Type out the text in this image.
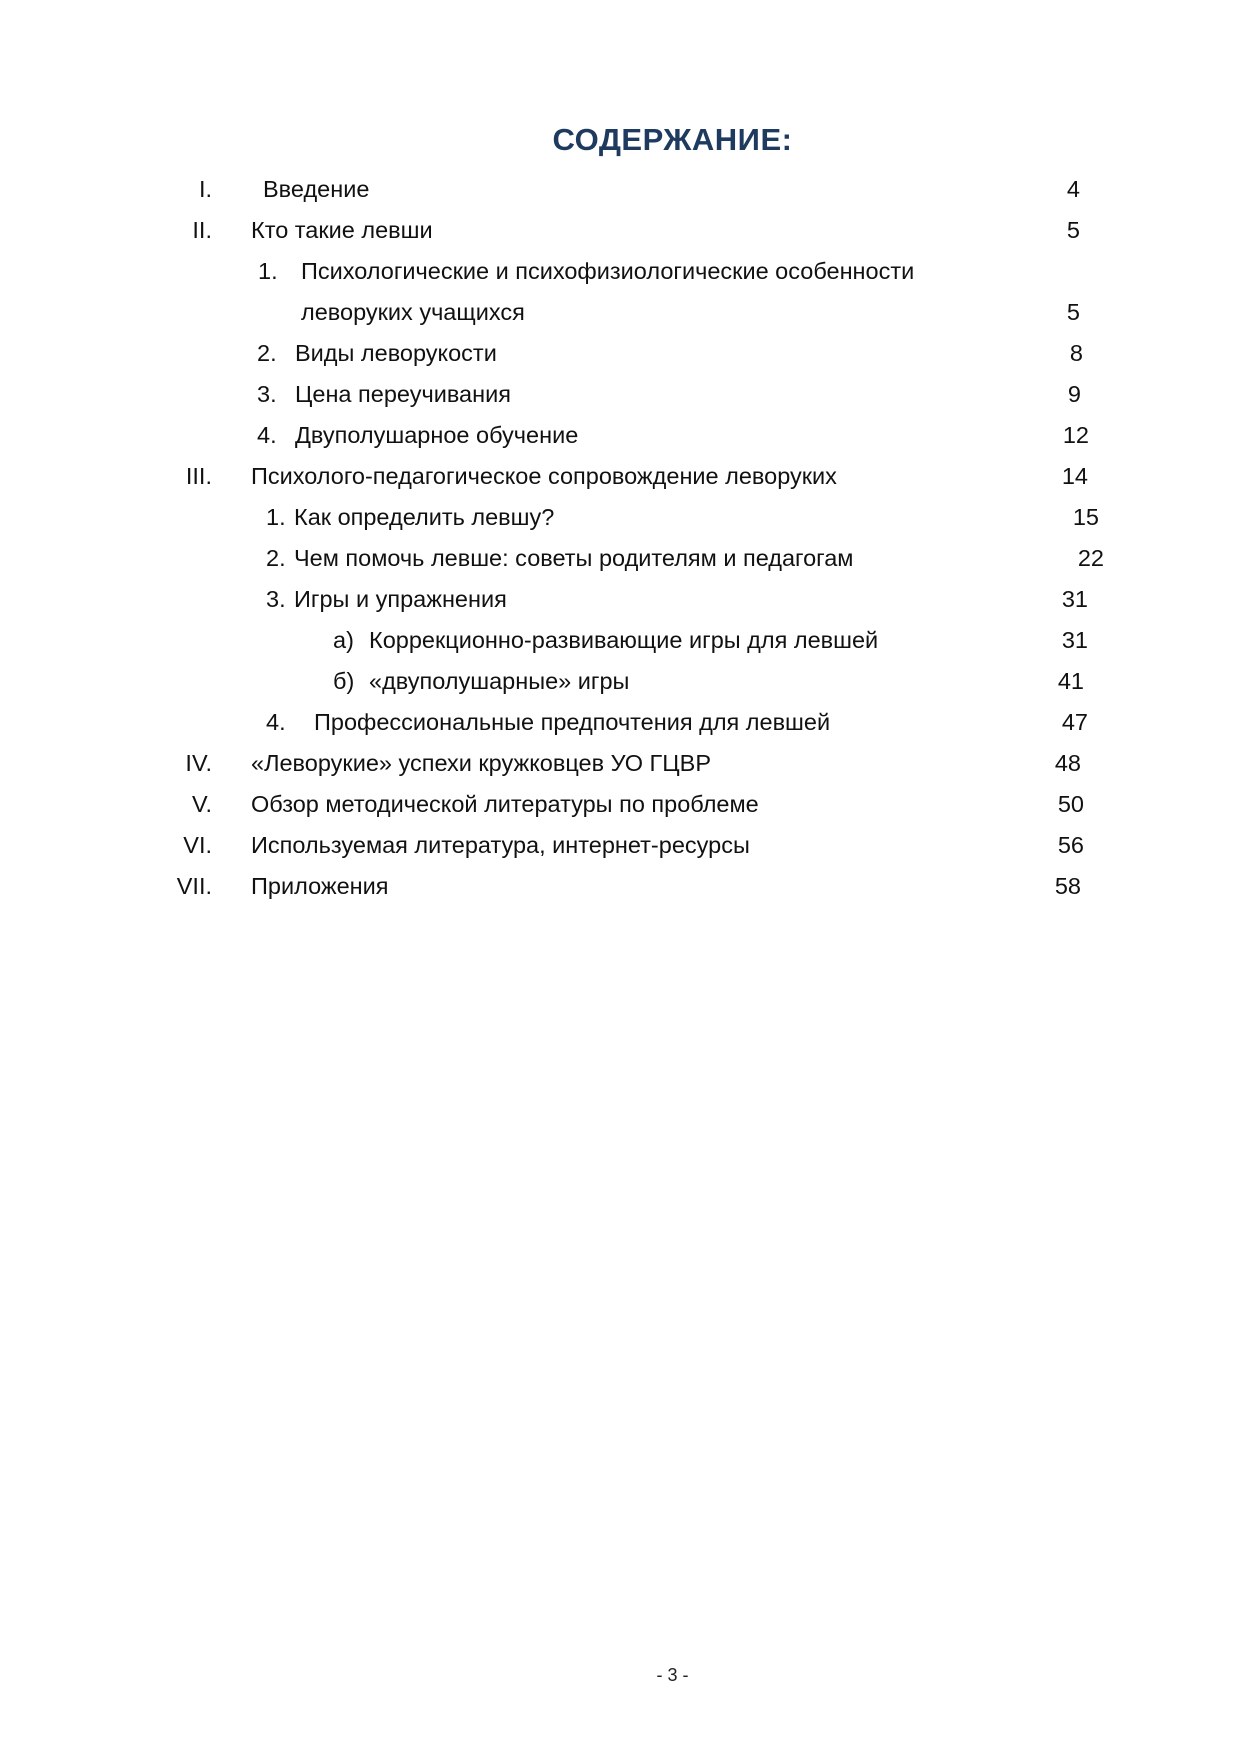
СОДЕРЖАНИЕ:
I. Введение	4
II. Кто такие левши	5
1. Психологические и психофизиологические особенности
леворуких учащихся	5
2. Виды леворукости	8
3. Цена переучивания	9
4. Двуполушарное обучение	12
III. Психолого-педагогическое сопровождение леворуких	14
1. Как определить левшу?	15
2. Чем помочь левше: советы родителям и педагогам	22
3. Игры и упражнения	31
а) Коррекционно-развивающие игры для левшей	31
б) «двуполушарные» игры	41
4. Профессиональные предпочтения для левшей	47
IV. «Леворукие» успехи кружковцев УО ГЦВР	48
V. Обзор методической литературы по проблеме	50
VI. Используемая литература, интернет-ресурсы	56
VII. Приложения	58
- 3 -
